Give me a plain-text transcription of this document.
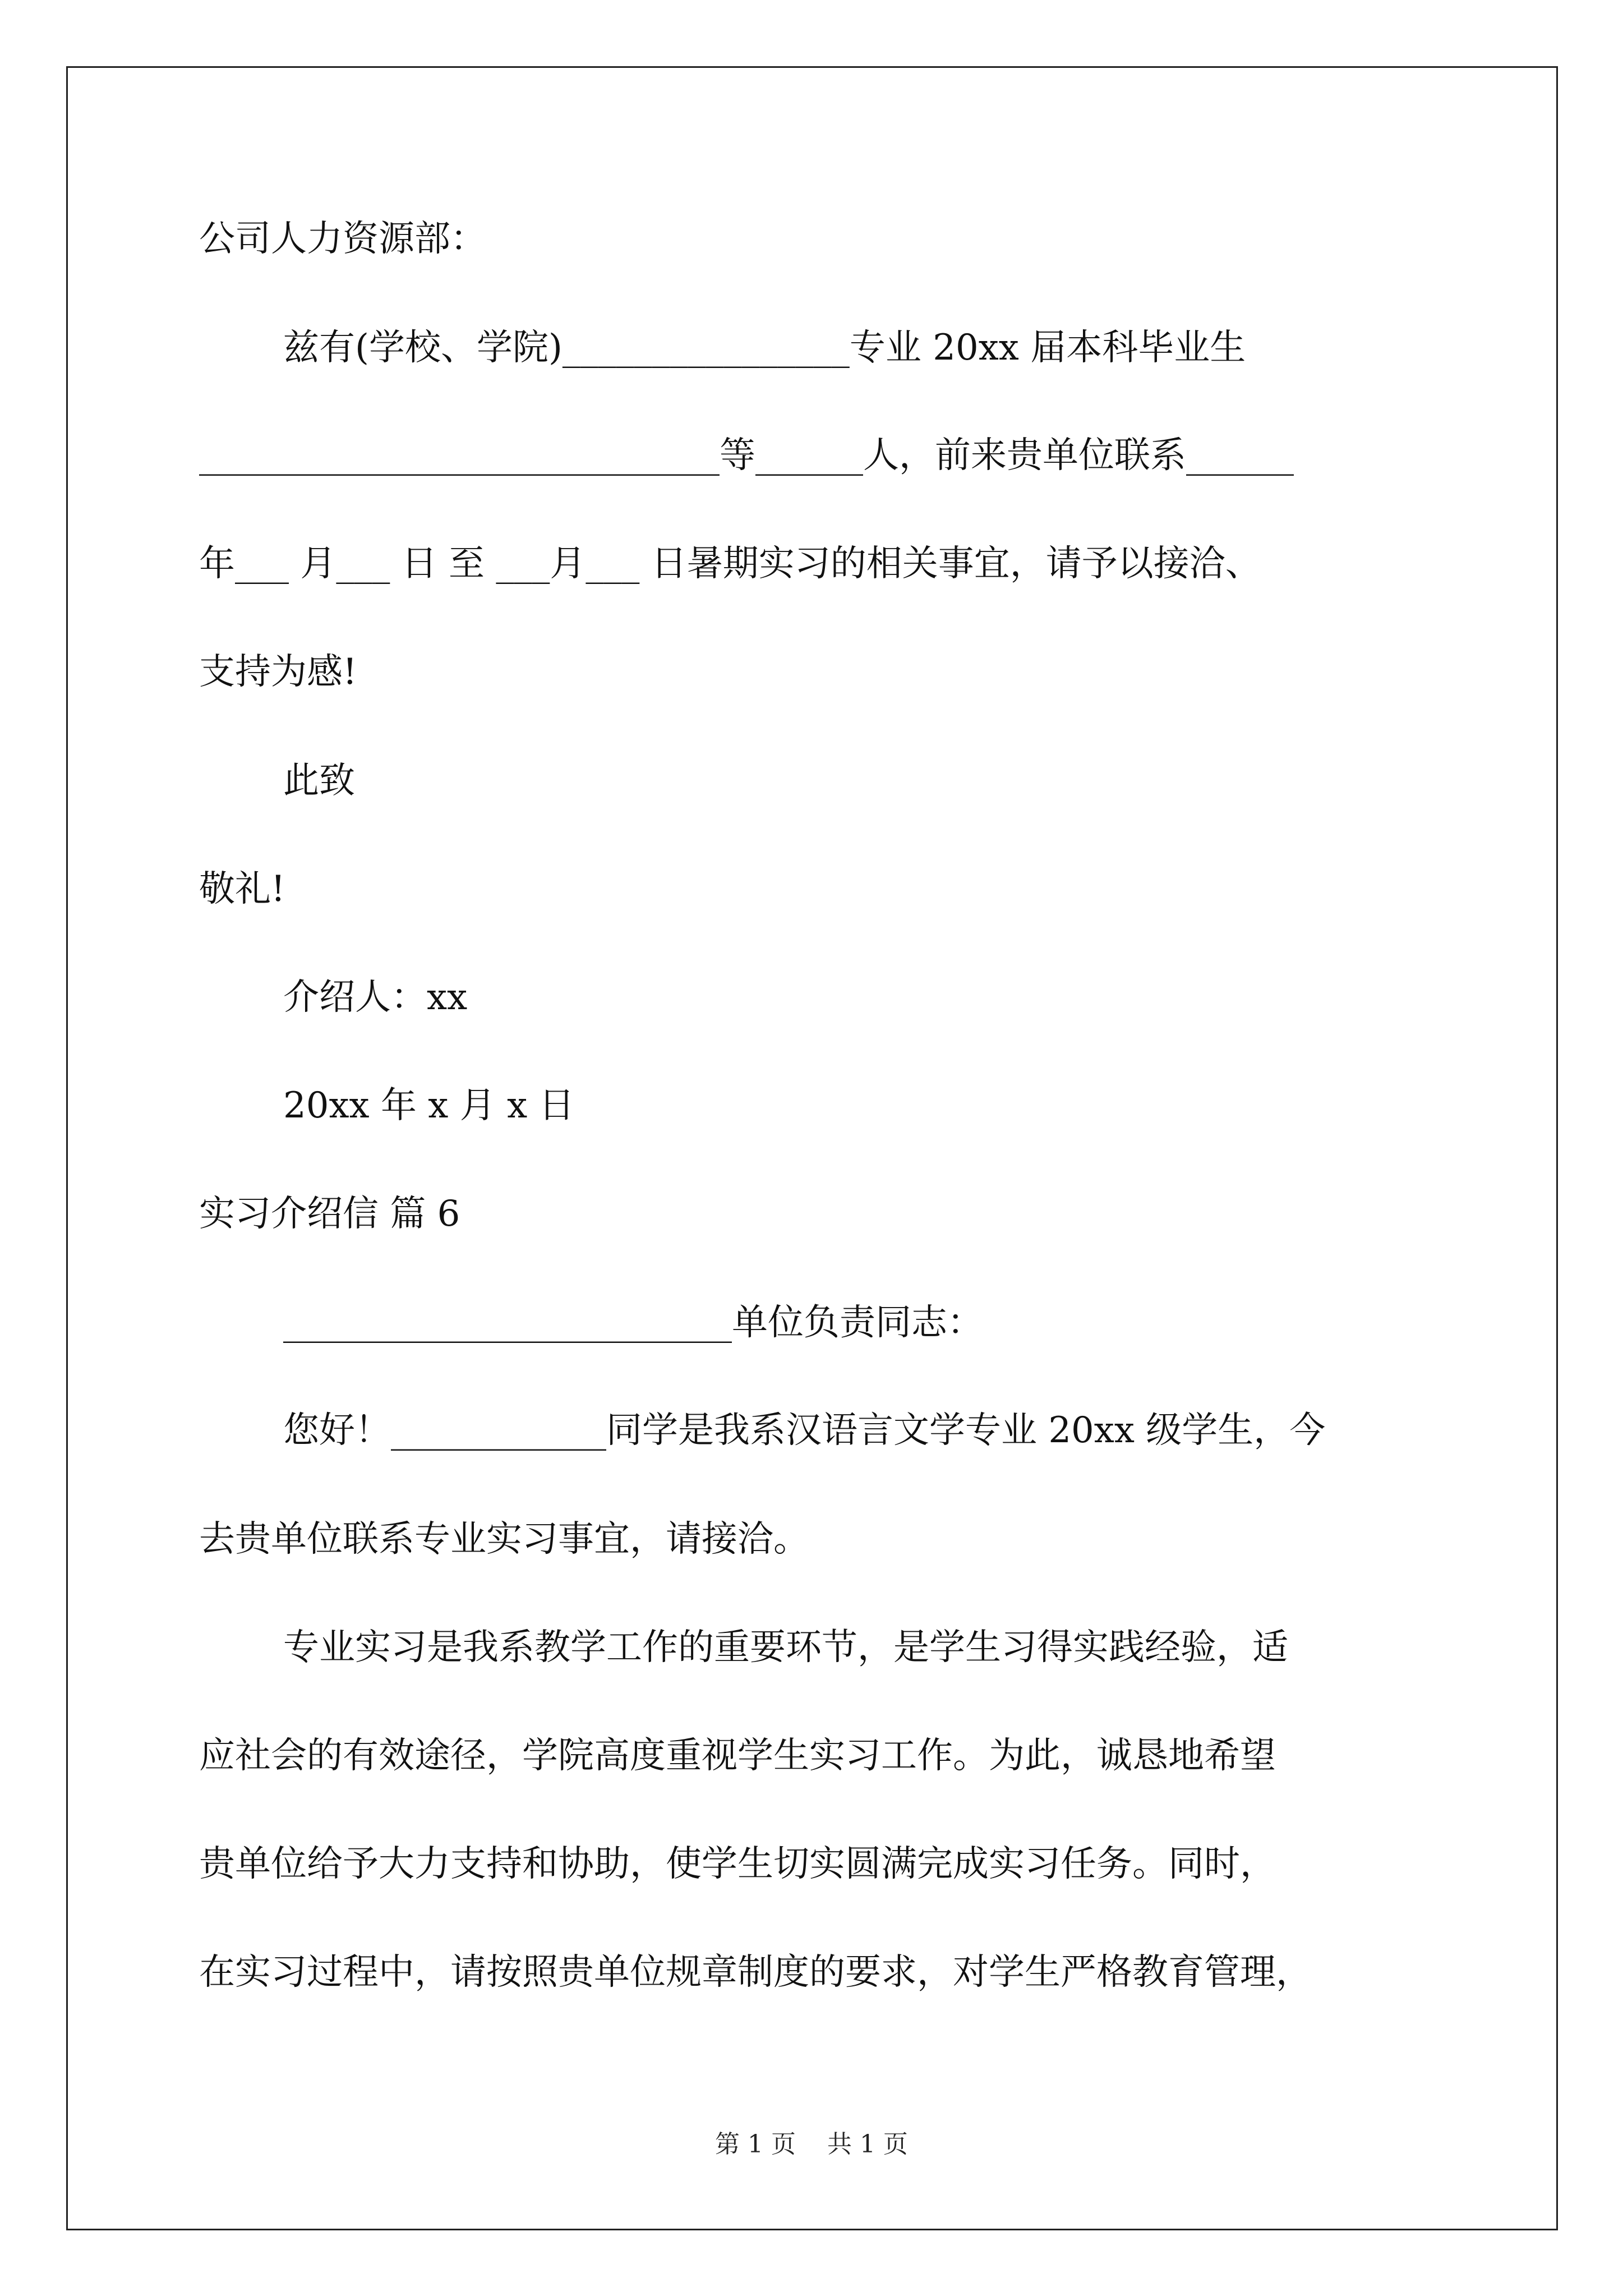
公司人力资源部：

兹有(学校、学院)________________专业 20xx 届本科毕业生

_____________________________等______人，前来贵单位联系______

年___ 月___ 日 至 ___月___ 日暑期实习的相关事宜，请予以接洽、

支持为感!

此致

敬礼!

介绍人：xx

20xx 年 x 月 x 日

实习介绍信 篇 6

_________________________单位负责同志：

您好！____________同学是我系汉语言文学专业 20xx 级学生，今

去贵单位联系专业实习事宜，请接洽。

专业实习是我系教学工作的重要环节，是学生习得实践经验，适

应社会的有效途径，学院高度重视学生实习工作。为此，诚恳地希望

贵单位给予大力支持和协助，使学生切实圆满完成实习任务。同时，

在实习过程中，请按照贵单位规章制度的要求，对学生严格教育管理，

第 1 页    共 1 页
